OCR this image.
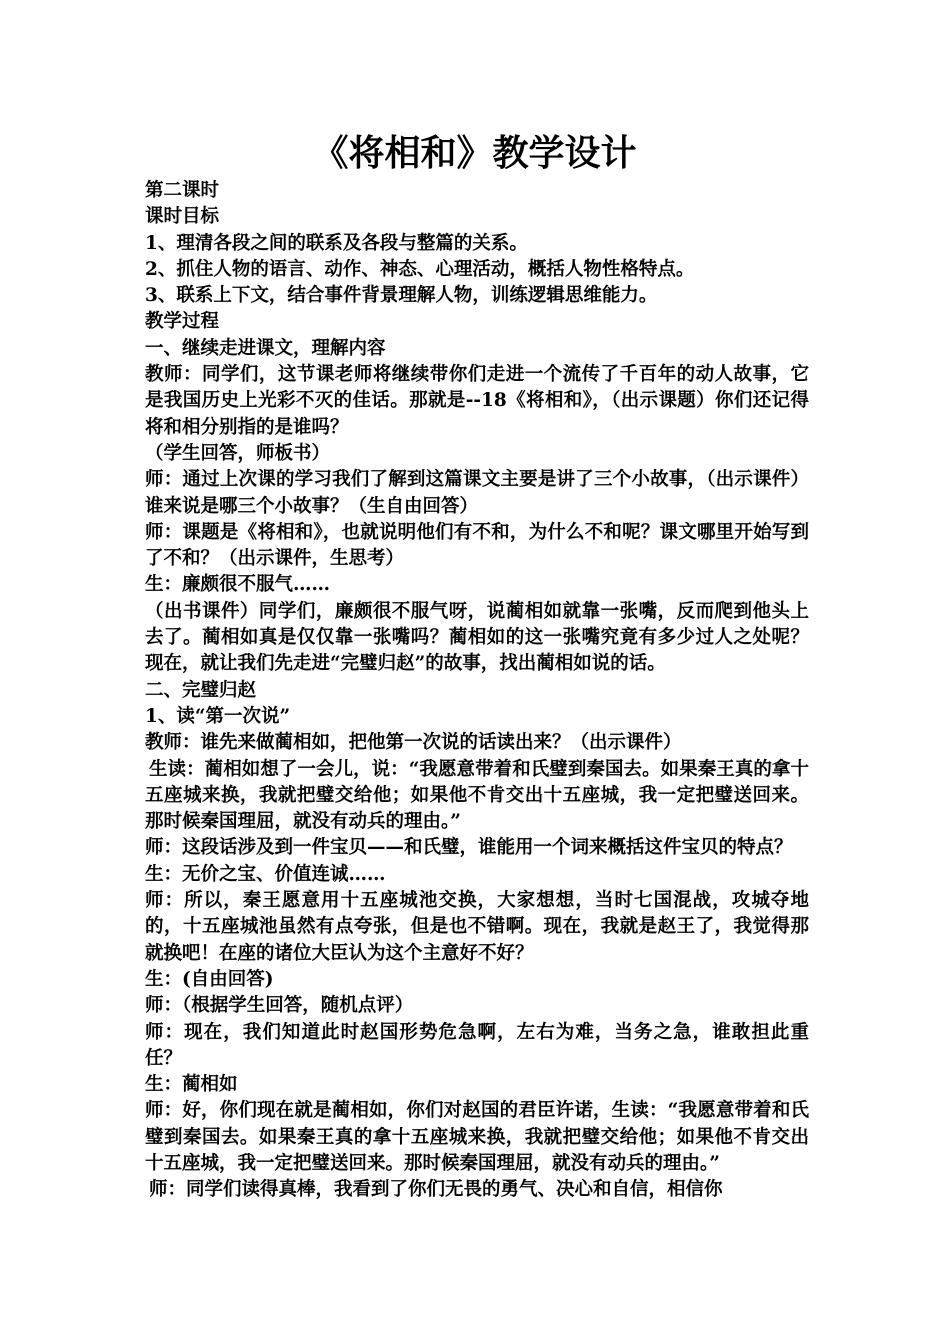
《将相和》教学设计

第二课时

课时目标

1、理清各段之间的联系及各段与整篇的关系。

2、抓住人物的语言、动作、神态、心理活动，概括人物性格特点。

3、联系上下文，结合事件背景理解人物，训练逻辑思维能力。

教学过程

一、继续走进课文，理解内容

教师：同学们，这节课老师将继续带你们走进一个流传了千百年的动人故事，它是我国历史上光彩不灭的佳话。那就是--18《将相和》，（出示课题）你们还记得将和相分别指的是谁吗？

（学生回答，师板书）

师：通过上次课的学习我们了解到这篇课文主要是讲了三个小故事，（出示课件）谁来说是哪三个小故事？（生自由回答）

师：课题是《将相和》，也就说明他们有不和，为什么不和呢？课文哪里开始写到了不和？（出示课件，生思考）

生：廉颇很不服气……

（出书课件）同学们，廉颇很不服气呀，说蔺相如就靠一张嘴，反而爬到他头上去了。蔺相如真是仅仅靠一张嘴吗？蔺相如的这一张嘴究竟有多少过人之处呢？现在，就让我们先走进“完璧归赵”的故事，找出蔺相如说的话。

二、完璧归赵

1、读“第一次说”

教师：谁先来做蔺相如，把他第一次说的话读出来？（出示课件）

生读：蔺相如想了一会儿，说：“我愿意带着和氏璧到秦国去。如果秦王真的拿十五座城来换，我就把璧交给他；如果他不肯交出十五座城，我一定把璧送回来。那时候秦国理屈，就没有动兵的理由。”

师：这段话涉及到一件宝贝——和氏璧，谁能用一个词来概括这件宝贝的特点？

生：无价之宝、价值连诚……

师：所以，秦王愿意用十五座城池交换，大家想想，当时七国混战，攻城夺地的，十五座城池虽然有点夸张，但是也不错啊。现在，我就是赵王了，我觉得那就换吧！在座的诸位大臣认为这个主意好不好？

生：(自由回答)

师：（根据学生回答，随机点评）

师：现在，我们知道此时赵国形势危急啊，左右为难，当务之急，谁敢担此重任？

生：蔺相如

师：好，你们现在就是蔺相如，你们对赵国的君臣许诺，生读：“我愿意带着和氏璧到秦国去。如果秦王真的拿十五座城来换，我就把璧交给他；如果他不肯交出十五座城，我一定把璧送回来。那时候秦国理屈，就没有动兵的理由。”

师：同学们读得真棒，我看到了你们无畏的勇气、决心和自信，相信你
